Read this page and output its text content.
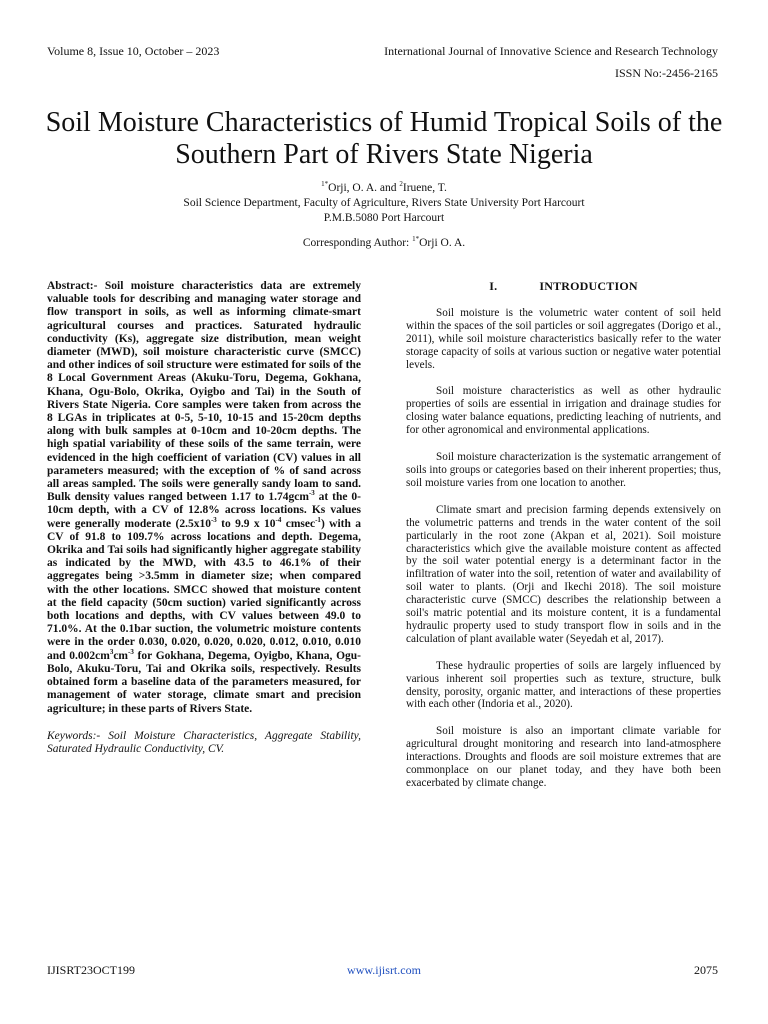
Volume 8, Issue 10, October – 2023	International Journal of Innovative Science and Research Technology
ISSN No:-2456-2165
Soil Moisture Characteristics of Humid Tropical Soils of the Southern Part of Rivers State Nigeria
$^{1*}$Orji, O. A. and $^2$Iruene, T.
Soil Science Department, Faculty of Agriculture, Rivers State University Port Harcourt
P.M.B.5080 Port Harcourt
Corresponding Author: $^{1*}$Orji O. A.

Abstract:- Soil moisture characteristics data are extremely valuable tools for describing and managing water storage and flow transport in soils, as well as informing climate-smart agricultural courses and practices. Saturated hydraulic conductivity (Ks), aggregate size distribution, mean weight diameter (MWD), soil moisture characteristic curve (SMCC) and other indices of soil structure were estimated for soils of the 8 Local Government Areas (Akuku-Toru, Degema, Gokhana, Khana, Ogu-Bolo, Okrika, Oyigbo and Tai) in the South of Rivers State Nigeria. Core samples were taken from across the 8 LGAs in triplicates at 0-5, 5-10, 10-15 and 15-20cm depths along with bulk samples at 0-10cm and 10-20cm depths. The high spatial variability of these soils of the same terrain, were evidenced in the high coefficient of variation (CV) values in all parameters measured; with the exception of % of sand across all areas sampled. The soils were generally sandy loam to sand. Bulk density values ranged between 1.17 to 1.74gcm$^{-3}$ at the 0-10cm depth, with a CV of 12.8% across locations. Ks values were generally moderate ($2.5x10^{-3}$ to 9.9 x $10^{-4}$ cmsec$^{-1}$) with a CV of 91.8 to 109.7% across locations and depth. Degema, Okrika and Tai soils had significantly higher aggregate stability as indicated by the MWD, with 43.5 to 46.1% of their aggregates being >3.5mm in diameter size; when compared with the other locations. SMCC showed that moisture content at the field capacity (50cm suction) varied significantly across both locations and depths, with CV values between 49.0 to 71.0%. At the 0.1bar suction, the volumetric moisture contents were in the order 0.030, 0.020, 0.020, 0.020, 0.012, 0.010, 0.010 and $0.002cm^3cm^{-3}$ for Gokhana, Degema, Oyigbo, Khana, Ogu-Bolo, Akuku-Toru, Tai and Okrika soils, respectively. Results obtained form a baseline data of the parameters measured, for management of water storage, climate smart and precision agriculture; in these parts of Rivers State.

Keywords:- Soil Moisture Characteristics, Aggregate Stability, Saturated Hydraulic Conductivity, CV.

I.	INTRODUCTION

Soil moisture is the volumetric water content of soil held within the spaces of the soil particles or soil aggregates (Dorigo et al., 2011), while soil moisture characteristics basically refer to the water storage capacity of soils at various suction or negative water potential levels.

Soil moisture characteristics as well as other hydraulic properties of soils are essential in irrigation and drainage studies for closing water balance equations, predicting leaching of nutrients, and for other agronomical and environmental applications.

Soil moisture characterization is the systematic arrangement of soils into groups or categories based on their inherent properties; thus, soil moisture varies from one location to another.

Climate smart and precision farming depends extensively on the volumetric patterns and trends in the water content of the soil particularly in the root zone (Akpan et al, 2021). Soil moisture characteristics which give the available moisture content as affected by the soil water potential energy is a determinant factor in the infiltration of water into the soil, retention of water and availability of soil water to plants. (Orji and Ikechi 2018). The soil moisture characteristic curve (SMCC) describes the relationship between a soil's matric potential and its moisture content, it is a fundamental hydraulic property used to study transport flow in soils and in the calculation of plant available water (Seyedah et al, 2017).

These hydraulic properties of soils are largely influenced by various inherent soil properties such as texture, structure, bulk density, porosity, organic matter, and interactions of these properties with each other (Indoria et al., 2020).

Soil moisture is also an important climate variable for agricultural drought monitoring and research into land-atmosphere interactions. Droughts and floods are soil moisture extremes that are commonplace on our planet today, and they have both been exacerbated by climate change.

IJISRT23OCT199	www.ijisrt.com	2075
